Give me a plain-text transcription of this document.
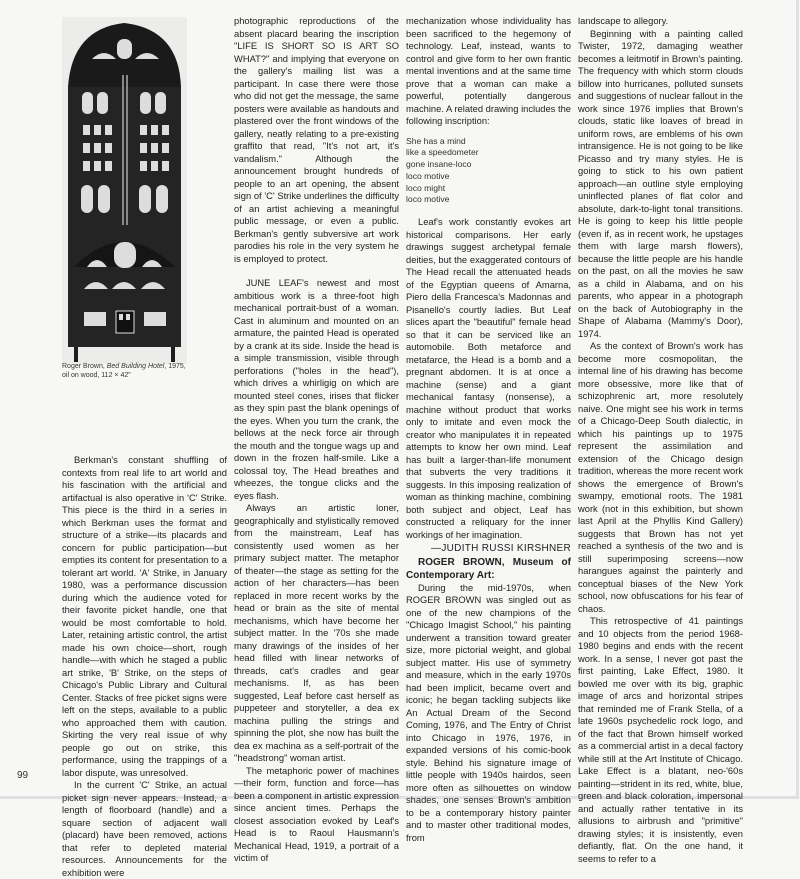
Roger Brown, Bed Building Hotel, 1975,
oil on wood, 112 × 42"

Berkman's constant shuffling of contexts from real life to art world and his fascination with the artificial and artifactual is also operative in 'C' Strike. This piece is the third in a series in which Berkman uses the format and structure of a strike—its placards and concern for public participation—but empties its content for presentation to a tolerant art world. 'A' Strike, in January 1980, was a performance discussion during which the audience voted for their favorite picket handle, one that would be most comfortable to hold. Later, retaining artistic control, the artist made his own choice—short, rough handle—with which he staged a public art strike, 'B' Strike, on the steps of Chicago's Public Library and Cultural Center. Stacks of free picket signs were left on the steps, available to a public who approached them with caution. Skirting the very real issue of why people go out on strike, this performance, using the trappings of a labor dispute, was unresolved.

In the current 'C' Strike, an actual picket sign never appears. Instead, a length of floorboard (handle) and a square section of adjacent wall (placard) have been removed, actions that refer to depleted material resources. Announcements for the exhibition were

photographic reproductions of the absent placard bearing the inscription "LIFE IS SHORT SO IS ART SO WHAT?" and implying that everyone on the gallery's mailing list was a participant. In case there were those who did not get the message, the same posters were available as handouts and plastered over the front windows of the gallery, neatly relating to a pre-existing graffito that read, "It's not art, it's vandalism." Although the announcement brought hundreds of people to an art opening, the absent sign of 'C' Strike underlines the difficulty of an artist achieving a meaningful public message, or even a public. Berkman's gently subversive art work parodies his role in the very system he is employed to protect.

JUNE LEAF's newest and most ambitious work is a three-foot high mechanical portrait-bust of a woman. Cast in aluminum and mounted on an armature, the painted Head is operated by a crank at its side. Inside the head is a simple transmission, visible through perforations ("holes in the head"), which drives a whirligig on which are mounted steel cones, irises that flicker as they spin past the blank openings of the eyes. When you turn the crank, the bellows at the neck force air through the mouth and the tongue wags up and down in the frozen half-smile. Like a colossal toy, The Head breathes and wheezes, the tongue clicks and the eyes flash.

Always an artistic loner, geographically and stylistically removed from the mainstream, Leaf has consistently used women as her primary subject matter. The metaphor of theater—the stage as setting for the action of her characters—has been replaced in more recent works by the head or brain as the site of mental mechanisms, which have become her subject matter. In the '70s she made many drawings of the insides of her head filled with linear networks of threads, cat's cradles and gear mechanisms. If, as has been suggested, Leaf before cast herself as puppeteer and storyteller, a dea ex machina pulling the strings and spinning the plot, she now has built the dea ex machina as a self-portrait of the "headstrong" woman artist.

The metaphoric power of machines—their form, function and force—has been a component in artistic expression since ancient times. Perhaps the closest association evoked by Leaf's Head is to Raoul Hausmann's Mechanical Head, 1919, a portrait of a victim of

mechanization whose individuality has been sacrificed to the hegemony of technology. Leaf, instead, wants to control and give form to her own frantic mental inventions and at the same time prove that a woman can make a powerful, potentially dangerous machine. A related drawing includes the following inscription:

She has a mind
like a speedometer
gone insane-loco
loco motive
loco might
loco motive

Leaf's work constantly evokes art historical comparisons. Her early drawings suggest archetypal female deities, but the exaggerated contours of The Head recall the attenuated heads of the Egyptian queens of Amarna, Piero della Francesca's Madonnas and Pisanello's courtly ladies. But Leaf slices apart the "beautiful" female head so that it can be serviced like an automobile. Both metaforce and metafarce, the Head is a bomb and a pregnant abdomen. It is at once a machine (sense) and a giant mechanical fantasy (nonsense), a machine without product that works only to imitate and even mock the creator who manipulates it in repeated attempts to know her own mind. Leaf has built a larger-than-life monument that subverts the very traditions it suggests. In this imposing realization of woman as thinking machine, combining both subject and object, Leaf has constructed a reliquary for the inner workings of her imagination.

—JUDITH RUSSI KIRSHNER

ROGER BROWN, Museum of Contemporary Art:

During the mid-1970s, when ROGER BROWN was singled out as one of the new champions of the "Chicago Imagist School," his painting underwent a transition toward greater size, more pictorial weight, and global subject matter. His use of symmetry and measure, which in the early 1970s had been implicit, became overt and iconic; he began tackling subjects like An Actual Dream of the Second Coming, 1976, and The Entry of Christ into Chicago in 1976, 1976, in expanded versions of his comic-book style. Behind his signature image of little people with 1940s hairdos, seen more often as silhouettes on window shades, one senses Brown's ambition to be a contemporary history painter and to master other traditional modes, from

landscape to allegory.

Beginning with a painting called Twister, 1972, damaging weather becomes a leitmotif in Brown's painting. The frequency with which storm clouds billow into hurricanes, polluted sunsets and suggestions of nuclear fallout in the work since 1976 implies that Brown's clouds, static like loaves of bread in uniform rows, are emblems of his own intransigence. He is not going to be like Picasso and try many styles. He is going to stick to his own patient approach—an outline style employing uninflected planes of flat color and absolute, dark-to-light tonal transitions. He is going to keep his little people (even if, as in recent work, he upstages them with large marsh flowers), because the little people are his handle on the past, on all the movies he saw as a child in Alabama, and on his parents, who appear in a photograph on the back of Autobiography in the Shape of Alabama (Mammy's Door), 1974.

As the context of Brown's work has become more cosmopolitan, the internal line of his drawing has become more obsessive, more like that of schizophrenic art, more resolutely naive. One might see his work in terms of a Chicago-Deep South dialectic, in which his paintings up to 1975 represent the assimilation and extension of the Chicago design tradition, whereas the more recent work shows the emergence of Brown's swampy, emotional roots. The 1981 work (not in this exhibition, but shown last April at the Phyllis Kind Gallery) suggests that Brown has not yet reached a synthesis of the two and is still superimposing screens—now harangues against the painterly and conceptual biases of the New York school, now obfuscations for his fear of chaos.

This retrospective of 41 paintings and 10 objects from the period 1968-1980 begins and ends with the recent work. In a sense, I never got past the first painting, Lake Effect, 1980. It bowled me over with its big, graphic image of arcs and horizontal stripes that reminded me of Frank Stella, of a late 1960s psychedelic rock logo, and of the fact that Brown himself worked as a commercial artist in a decal factory while still at the Art Institute of Chicago. Lake Effect is a blatant, neo-'60s painting—strident in its red, white, blue, green and black coloration, impersonal and actually rather tentative in its allusions to airbrush and "primitive" drawing styles; it is insistently, even defiantly, flat. On the one hand, it seems to refer to a

99
